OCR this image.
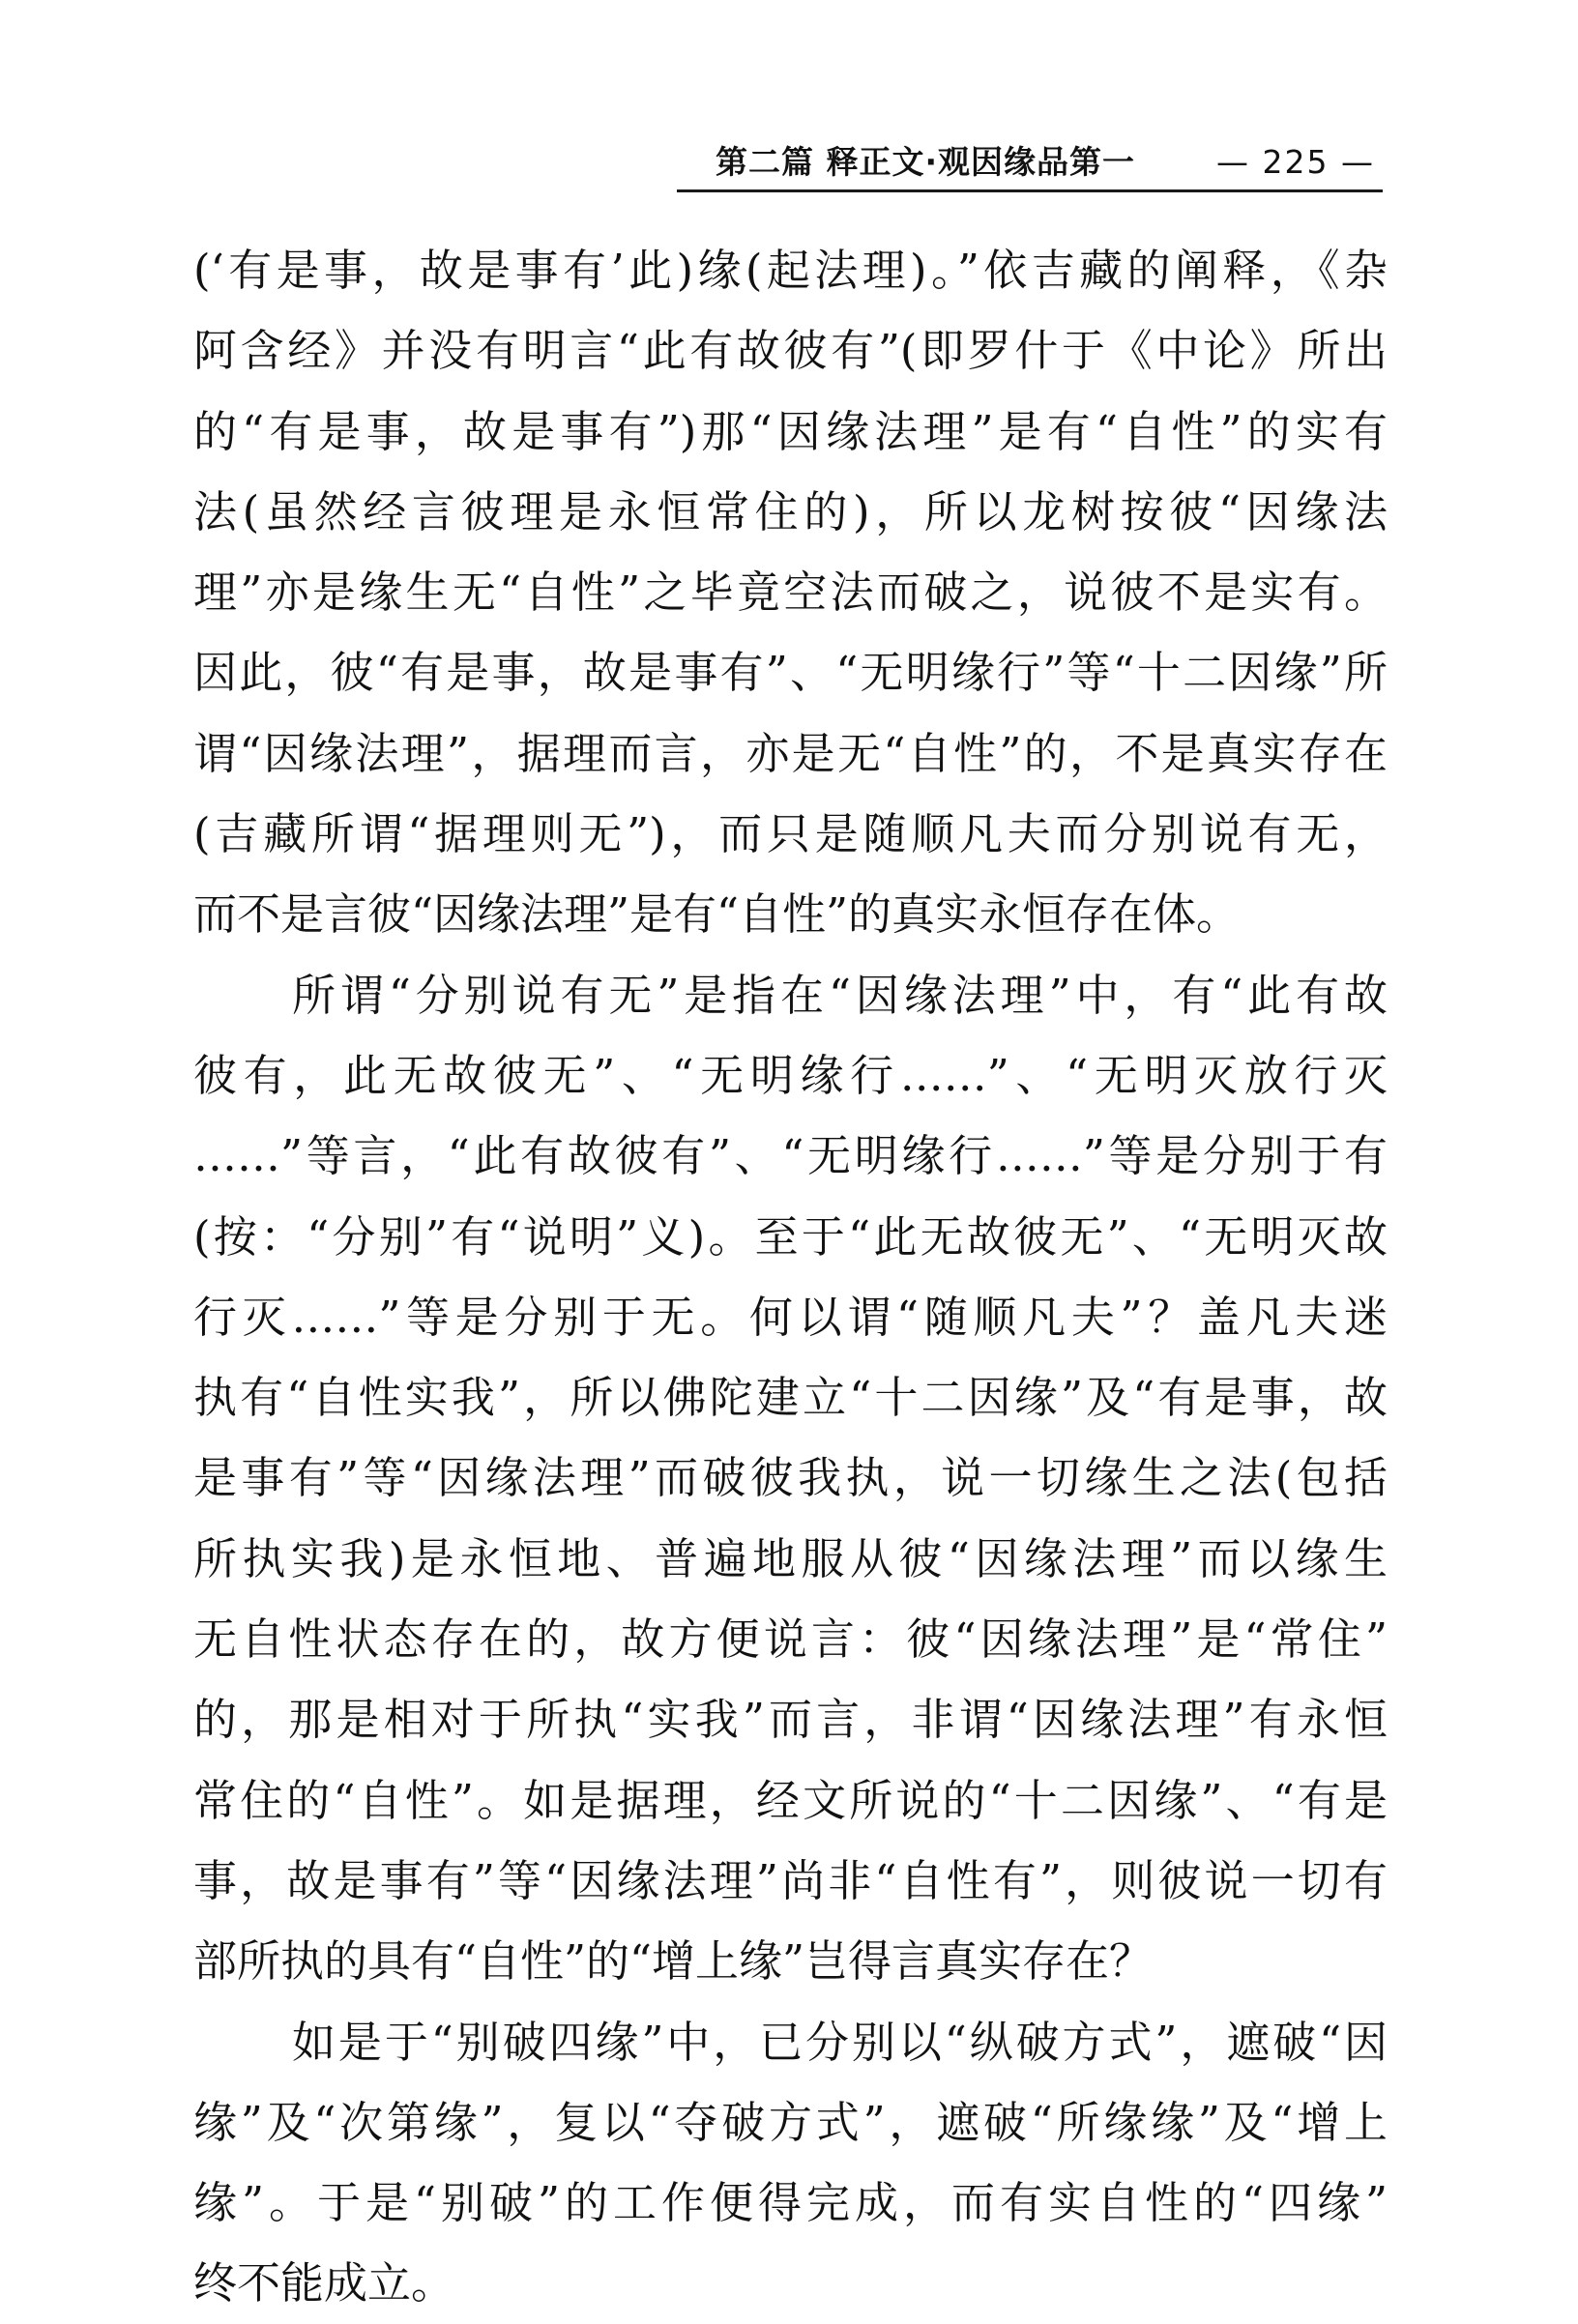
第二篇 释正文·观因缘品第一	— 225 —
(‘有是事，故是事有’此)缘(起法理)。”依吉藏的阐释，《杂
阿含经》并没有明言“此有故彼有”(即罗什于《中论》所出
的“有是事，故是事有”)那“因缘法理”是有“自性”的实有
法(虽然经言彼理是永恒常住的)，所以龙树按彼“因缘法
理”亦是缘生无“自性”之毕竟空法而破之，说彼不是实有。
因此，彼“有是事，故是事有”、“无明缘行”等“十二因缘”所
谓“因缘法理”，据理而言，亦是无“自性”的，不是真实存在
(吉藏所谓“据理则无”)，而只是随顺凡夫而分别说有无，
而不是言彼“因缘法理”是有“自性”的真实永恒存在体。
所谓“分别说有无”是指在“因缘法理”中，有“此有故
彼有，此无故彼无”、“无明缘行……”、“无明灭放行灭
……”等言，“此有故彼有”、“无明缘行……”等是分别于有
(按：“分别”有“说明”义)。至于“此无故彼无”、“无明灭故
行灭……”等是分别于无。何以谓“随顺凡夫”？盖凡夫迷
执有“自性实我”，所以佛陀建立“十二因缘”及“有是事，故
是事有”等“因缘法理”而破彼我执，说一切缘生之法(包括
所执实我)是永恒地、普遍地服从彼“因缘法理”而以缘生
无自性状态存在的，故方便说言：彼“因缘法理”是“常住”
的，那是相对于所执“实我”而言，非谓“因缘法理”有永恒
常住的“自性”。如是据理，经文所说的“十二因缘”、“有是
事，故是事有”等“因缘法理”尚非“自性有”，则彼说一切有
部所执的具有“自性”的“增上缘”岂得言真实存在？
如是于“别破四缘”中，已分别以“纵破方式”，遮破“因
缘”及“次第缘”，复以“夺破方式”，遮破“所缘缘”及“增上
缘”。于是“别破”的工作便得完成，而有实自性的“四缘”
终不能成立。
